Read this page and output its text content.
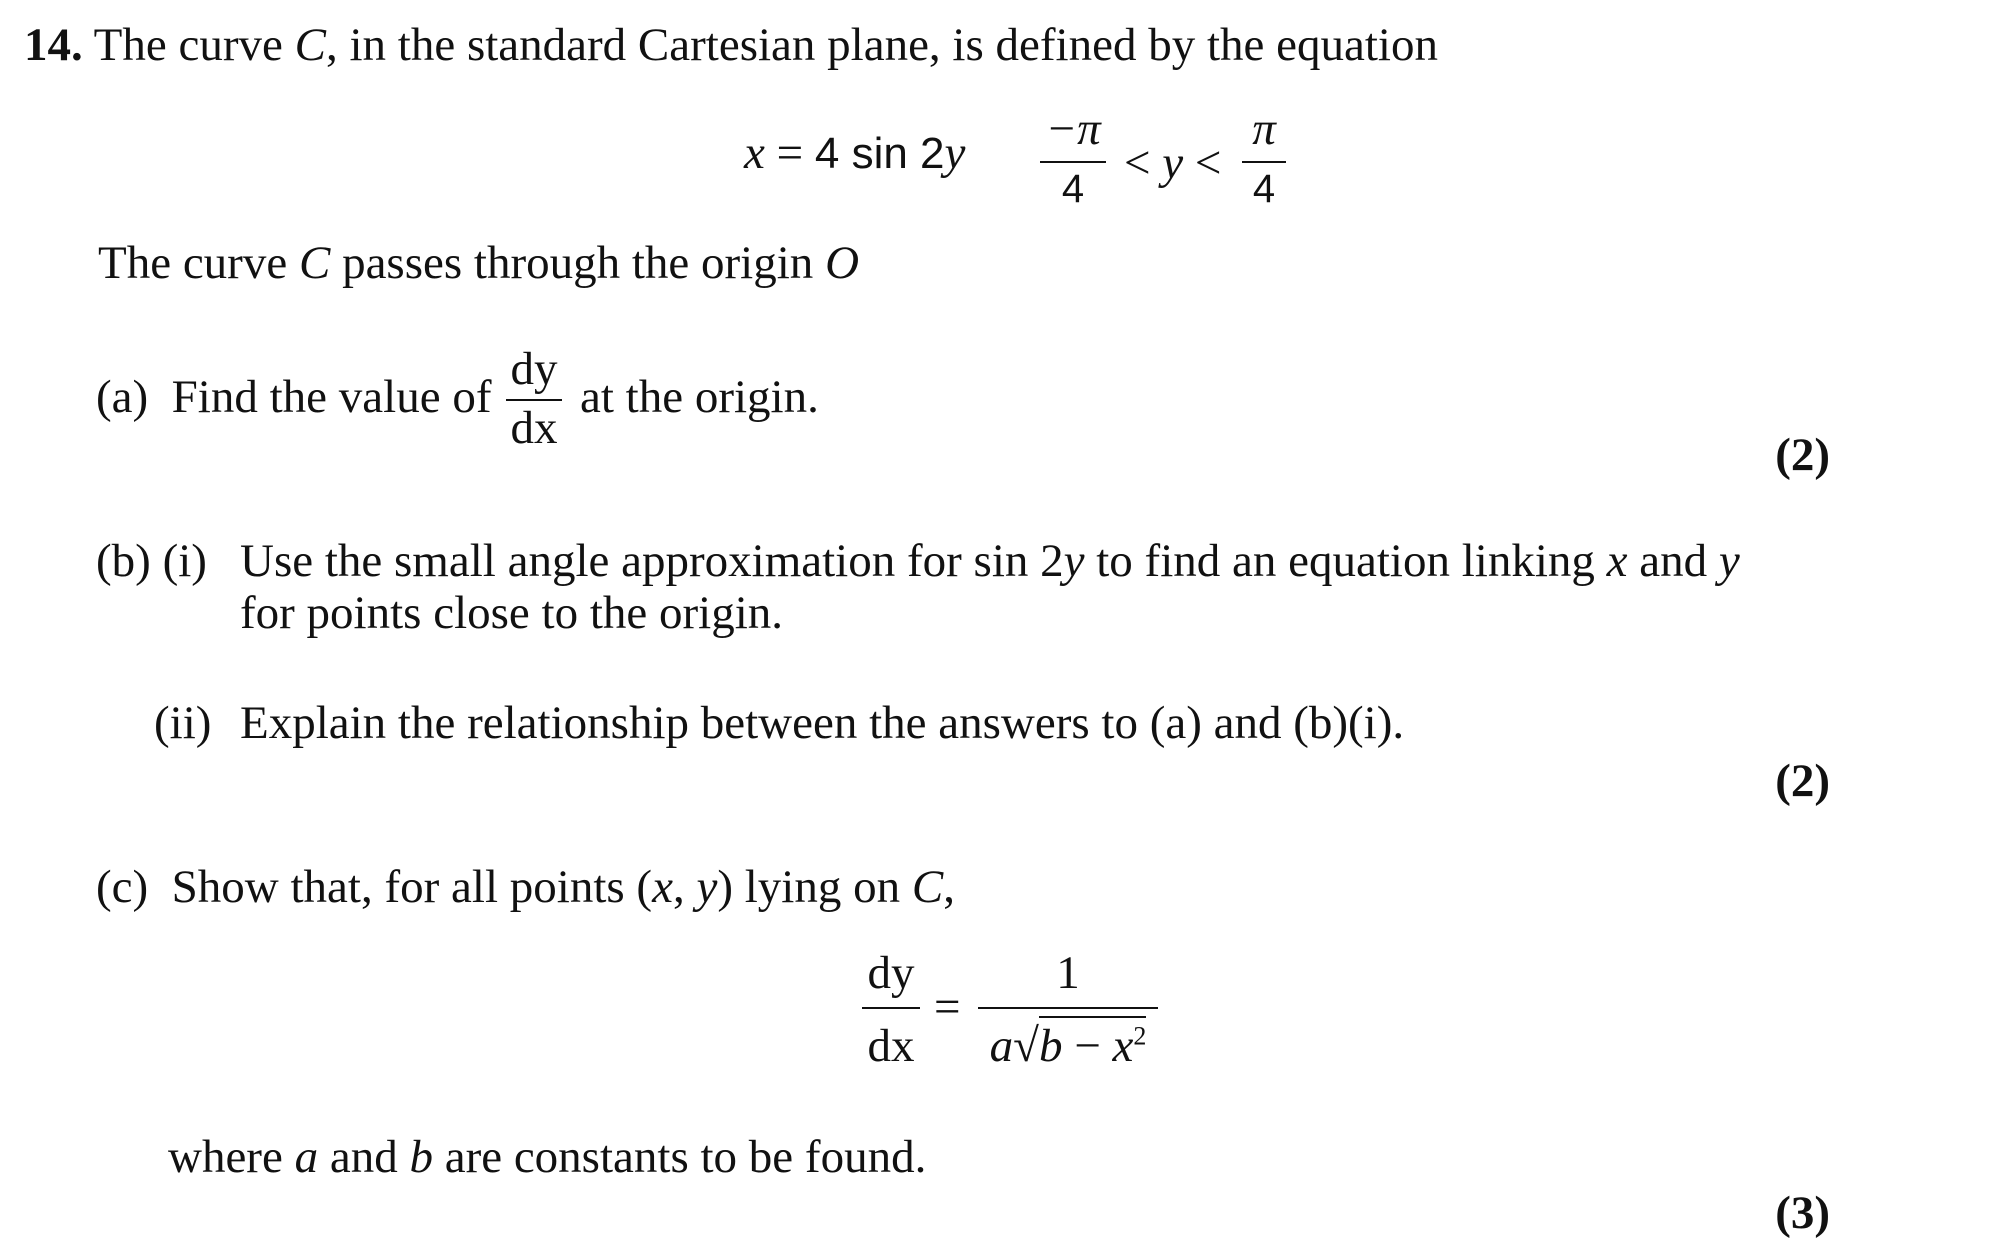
14. The curve C, in the standard Cartesian plane, is defined by the equation
x = 4 sin 2y −π
4 < y <
π
4
The curve C passes through the origin O
(a) Find the value of
dy
dx
at the origin.
(2)
(b) (i) Use the small angle approximation for sin 2y to find an equation linking x and y
for points close to the origin.
(ii) Explain the relationship between the answers to (a) and (b)(i).
(2)
(c) Show that, for all points (x, y) lying on C,
dy
dx
=
1
$a√b - x^2$
where a and b are constants to be found.
(3)
